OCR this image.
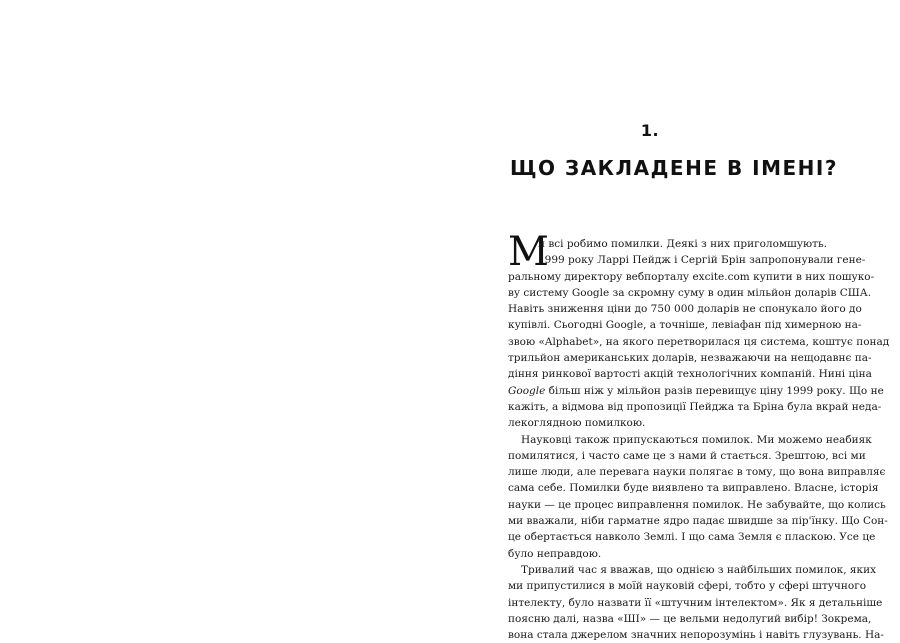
1.
ЩО ЗАКЛАДЕНЕ В ІМЕНІ?
М
и всі робимо помилки. Деякі з них приголомшують.
1999 року Ларрі Пейдж і Сергій Брін запропонували гене-
ральному директору вебпорталу excite.com купити в них пошуко-
ву систему Google за скромну суму в один мільйон доларів США.
Навіть зниження ціни до 750 000 доларів не спонукало його до
купівлі. Сьогодні Google, а точніше, левіафан під химерною на-
звою «Alphabet», на якого перетворилася ця система, коштує понад
трильйон американських доларів, незважаючи на нещодавнє па-
діння ринкової вартості акцій технологічних компаній. Нині ціна
Google більш ніж у мільйон разів перевищує ціну 1999 року. Що не
кажіть, а відмова від пропозиції Пейджа та Бріна була вкрай неда-
лекоглядною помилкою.
Науковці також припускаються помилок. Ми можемо неабияк
помилятися, і часто саме це з нами й стається. Зрештою, всі ми
лише люди, але перевага науки полягає в тому, що вона виправляє
сама себе. Помилки буде виявлено та виправлено. Власне, історія
науки — це процес виправлення помилок. Не забувайте, що колись
ми вважали, ніби гарматне ядро падає швидше за пір'їнку. Що Сон-
це обертається навколо Землі. І що сама Земля є пласкою. Усе це
було неправдою.
Тривалий час я вважав, що однією з найбільших помилок, яких
ми припустилися в моїй науковій сфері, тобто у сфері штучного
інтелекту, було назвати її «штучним інтелектом». Як я детальніше
поясню далі, назва «ШІ» — це вельми недолугий вибір! Зокрема,
вона стала джерелом значних непорозумінь і навіть глузувань. На-
